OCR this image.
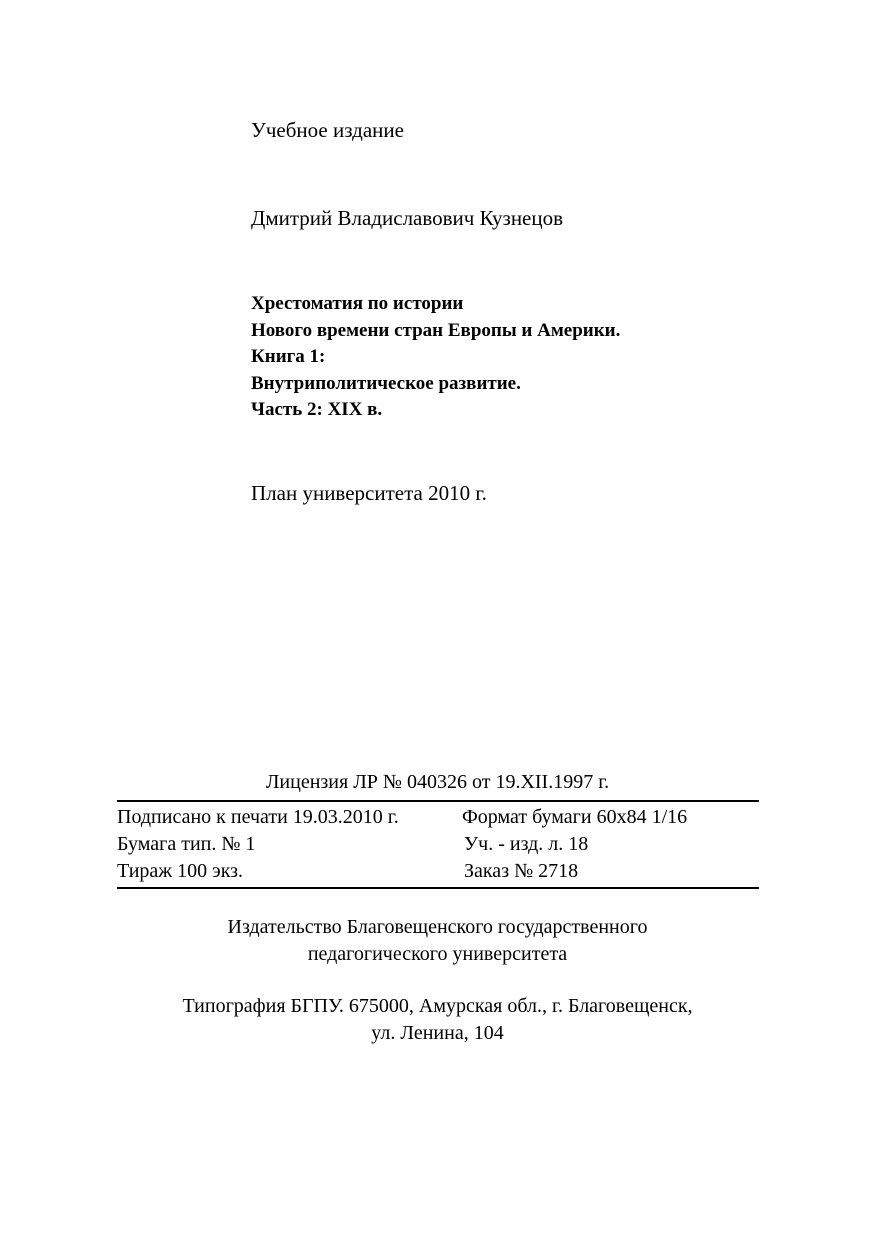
Учебное издание
Дмитрий Владиславович Кузнецов
Хрестоматия по истории
Нового времени стран Европы и Америки.
Книга 1:
Внутриполитическое развитие.
Часть 2: XIX в.
План университета 2010 г.
Лицензия ЛР № 040326 от 19.XII.1997 г.
Подписано к печати 19.03.2010 г.	Формат бумаги 60х84 1/16
Бумага тип. № 1	Уч. - изд. л. 18
Тираж 100 экз.	Заказ № 2718
Издательство Благовещенского государственного
педагогического университета
Типография БГПУ. 675000, Амурская обл., г. Благовещенск,
ул. Ленина, 104
